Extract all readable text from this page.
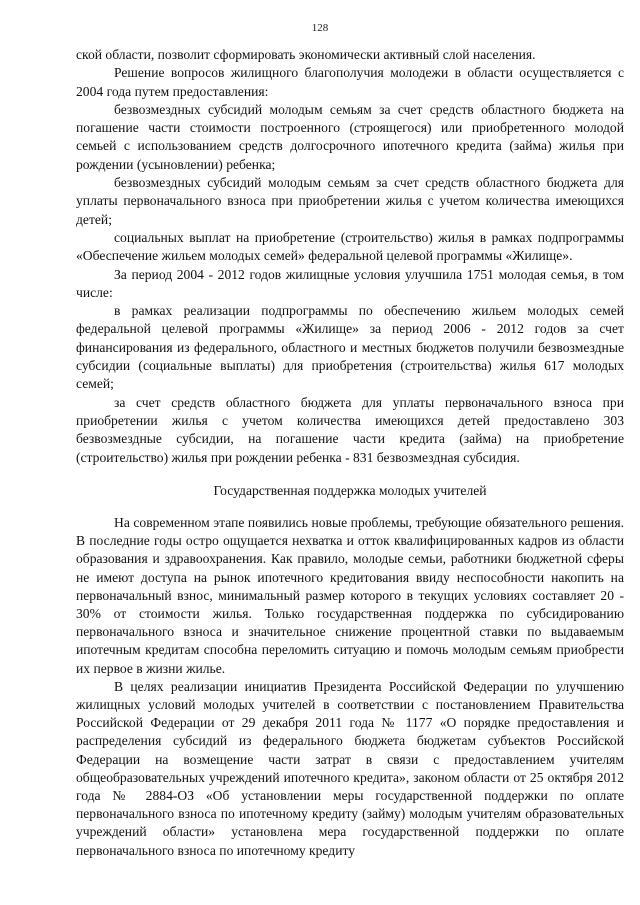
128

ской области, позволит сформировать экономически активный слой населения.

Решение вопросов жилищного благополучия молодежи в области осуществляется с 2004 года путем предоставления:

безвозмездных субсидий молодым семьям за счет средств областного бюджета на погашение части стоимости построенного (строящегося) или приобретенного молодой семьей с использованием средств долгосрочного ипотечного кредита (займа) жилья при рождении (усыновлении) ребенка;

безвозмездных субсидий молодым семьям за счет средств областного бюджета для уплаты первоначального взноса при приобретении жилья с учетом количества имеющихся детей;

социальных выплат на приобретение (строительство) жилья в рамках подпрограммы «Обеспечение жильем молодых семей» федеральной целевой программы «Жилище».

За период 2004 - 2012 годов жилищные условия улучшила 1751 молодая семья, в том числе:

в рамках реализации подпрограммы по обеспечению жильем молодых семей федеральной целевой программы «Жилище» за период 2006 - 2012 годов за счет финансирования из федерального, областного и местных бюджетов получили безвозмездные субсидии (социальные выплаты) для приобретения (строительства) жилья 617 молодых семей;

за счет средств областного бюджета для уплаты первоначального взноса при приобретении жилья с учетом количества имеющихся детей предоставлено 303 безвозмездные субсидии, на погашение части кредита (займа) на приобретение (строительство) жилья при рождении ребенка - 831 безвозмездная субсидия.

Государственная поддержка молодых учителей

На современном этапе появились новые проблемы, требующие обязательного решения. В последние годы остро ощущается нехватка и отток квалифицированных кадров из области образования и здравоохранения. Как правило, молодые семьи, работники бюджетной сферы не имеют доступа на рынок ипотечного кредитования ввиду неспособности накопить на первоначальный взнос, минимальный размер которого в текущих условиях составляет 20 - 30% от стоимости жилья. Только государственная поддержка по субсидированию первоначального взноса и значительное снижение процентной ставки по выдаваемым ипотечным кредитам способна переломить ситуацию и помочь молодым семьям приобрести их первое в жизни жилье.

В целях реализации инициатив Президента Российской Федерации по улучшению жилищных условий молодых учителей в соответствии с постановлением Правительства Российской Федерации от 29 декабря 2011 года № 1177 «О порядке предоставления и распределения субсидий из федерального бюджета бюджетам субъектов Российской Федерации на возмещение части затрат в связи с предоставлением учителям общеобразовательных учреждений ипотечного кредита», законом области от 25 октября 2012 года № 2884-ОЗ «Об установлении меры государственной поддержки по оплате первоначального взноса по ипотечному кредиту (займу) молодым учителям образовательных учреждений области» установлена мера государственной поддержки по оплате первоначального взноса по ипотечному кредиту
